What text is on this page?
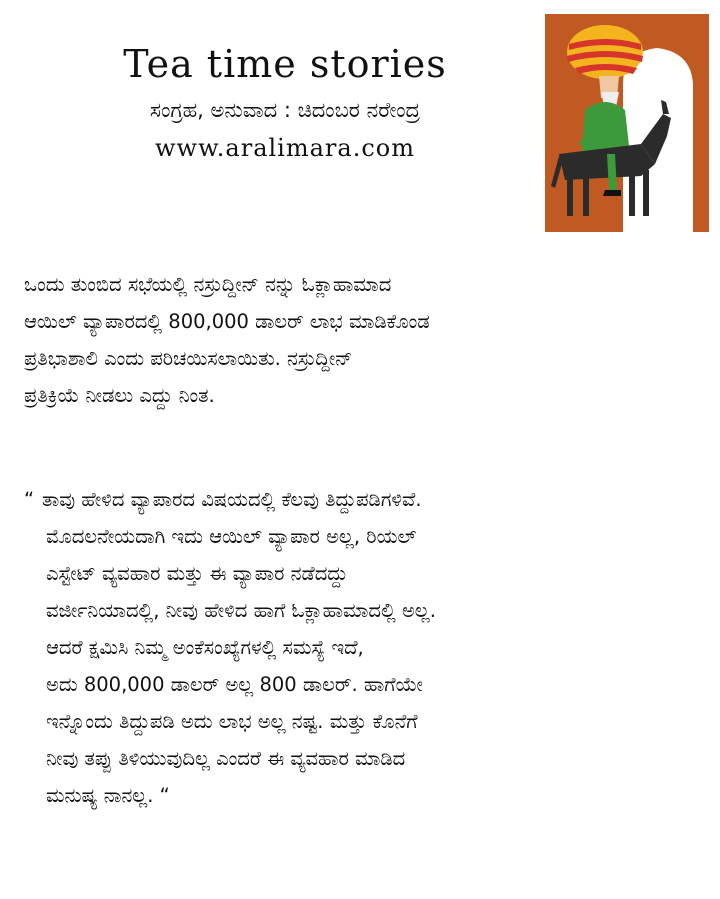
Tea time stories
ಸಂಗ್ರಹ, ಅನುವಾದ : ಚಿದಂಬರ ನರೇಂದ್ರ
www.aralimara.com
ಒಂದು ತುಂಬಿದ ಸಭೆಯಲ್ಲಿ ನಸ್ರುದ್ದೀನ್ ನನ್ನು ಓಕ್ಲಾಹಾಮಾದ
ಆಯಿಲ್ ವ್ಯಾಪಾರದಲ್ಲಿ 800,000 ಡಾಲರ್ ಲಾಭ ಮಾಡಿಕೊಂಡ
ಪ್ರತಿಭಾಶಾಲಿ ಎಂದು ಪರಿಚಯಿಸಲಾಯಿತು. ನಸ್ರುದ್ದೀನ್
ಪ್ರತಿಕ್ರಿಯೆ ನೀಡಲು ಎದ್ದು ನಿಂತ.
“ ತಾವು ಹೇಳಿದ ವ್ಯಾಪಾರದ ವಿಷಯದಲ್ಲಿ ಕೆಲವು ತಿದ್ದುಪಡಿಗಳಿವೆ.
ಮೊದಲನೇಯದಾಗಿ ಇದು ಆಯಿಲ್ ವ್ಯಾಪಾರ ಅಲ್ಲ, ರಿಯಲ್
ಎಸ್ಟೇಟ್ ವ್ಯವಹಾರ ಮತ್ತು ಈ ವ್ಯಾಪಾರ ನಡೆದದ್ದು
ವರ್ಜೀನಿಯಾದಲ್ಲಿ, ನೀವು ಹೇಳಿದ ಹಾಗೆ ಓಕ್ಲಾಹಾಮಾದಲ್ಲಿ ಅಲ್ಲ.
ಆದರೆ ಕ್ಷಮಿಸಿ ನಿಮ್ಮ ಅಂಕೆಸಂಖ್ಯೆಗಳಲ್ಲಿ ಸಮಸ್ಯೆ ಇದೆ,
ಅದು 800,000 ಡಾಲರ್ ಅಲ್ಲ 800 ಡಾಲರ್. ಹಾಗೆಯೇ
ಇನ್ನೊಂದು ತಿದ್ದುಪಡಿ ಅದು ಲಾಭ ಅಲ್ಲ ನಷ್ಟ. ಮತ್ತು ಕೊನೆಗೆ
ನೀವು ತಪ್ಪು ತಿಳಿಯುವುದಿಲ್ಲ ಎಂದರೆ ಈ ವ್ಯವಹಾರ ಮಾಡಿದ
ಮನುಷ್ಯ ನಾನಲ್ಲ. “
